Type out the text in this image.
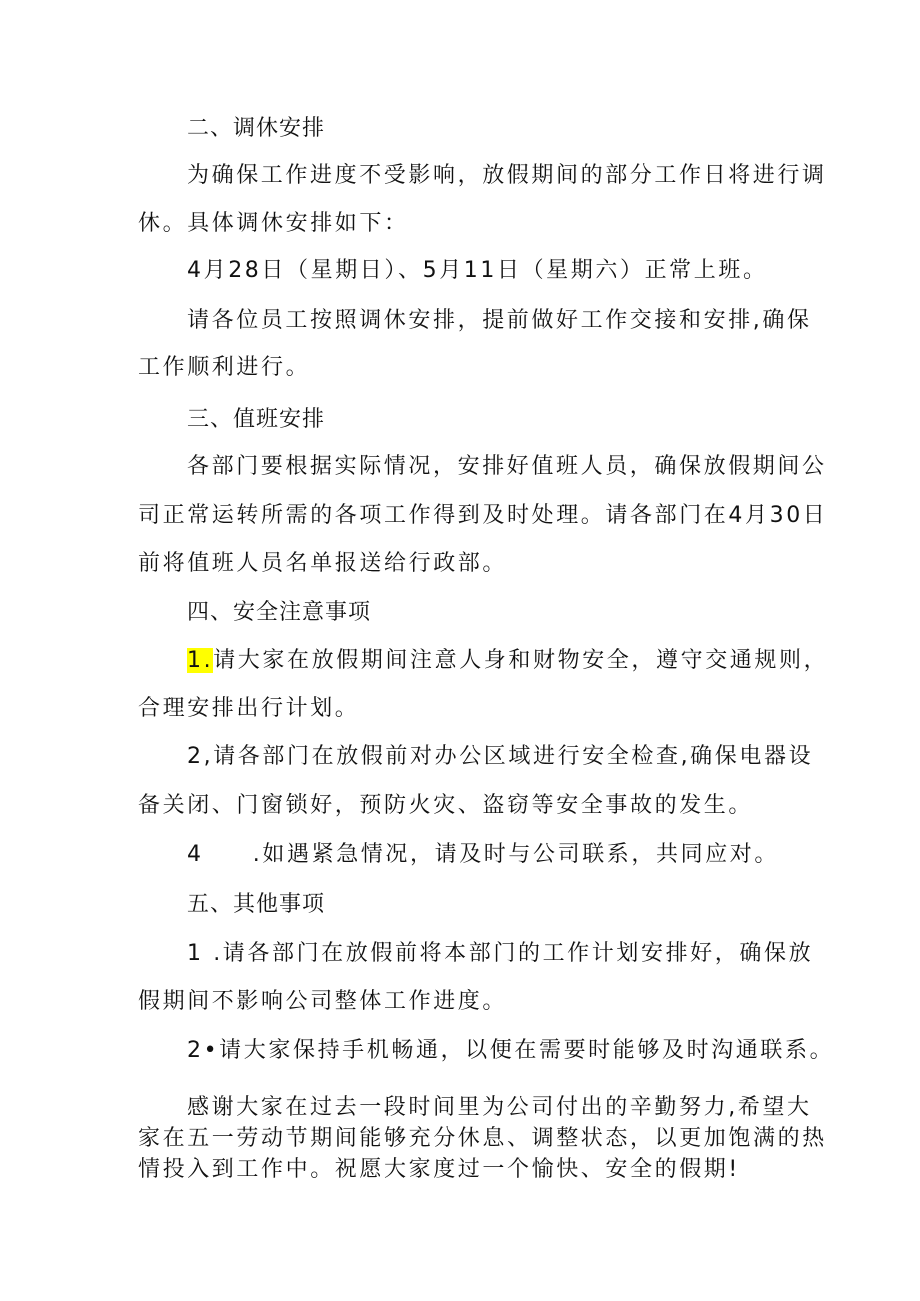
二、调休安排
为确保工作进度不受影响，放假期间的部分工作日将进行调
休。具体调休安排如下：
4月28日（星期日）、5月11日（星期六）正常上班。
请各位员工按照调休安排，提前做好工作交接和安排,确保
工作顺利进行。
三、值班安排
各部门要根据实际情况，安排好值班人员，确保放假期间公
司正常运转所需的各项工作得到及时处理。请各部门在4月30日
前将值班人员名单报送给行政部。
四、安全注意事项
1.请大家在放假期间注意人身和财物安全，遵守交通规则，
合理安排出行计划。
2,请各部门在放假前对办公区域进行安全检查,确保电器设
备关闭、门窗锁好，预防火灾、盗窃等安全事故的发生。
4　　.如遇紧急情况，请及时与公司联系，共同应对。
五、其他事项
1 .请各部门在放假前将本部门的工作计划安排好，确保放
假期间不影响公司整体工作进度。
2•请大家保持手机畅通，以便在需要时能够及时沟通联系。
感谢大家在过去一段时间里为公司付出的辛勤努力,希望大
家在五一劳动节期间能够充分休息、调整状态，以更加饱满的热
情投入到工作中。祝愿大家度过一个愉快、安全的假期!
